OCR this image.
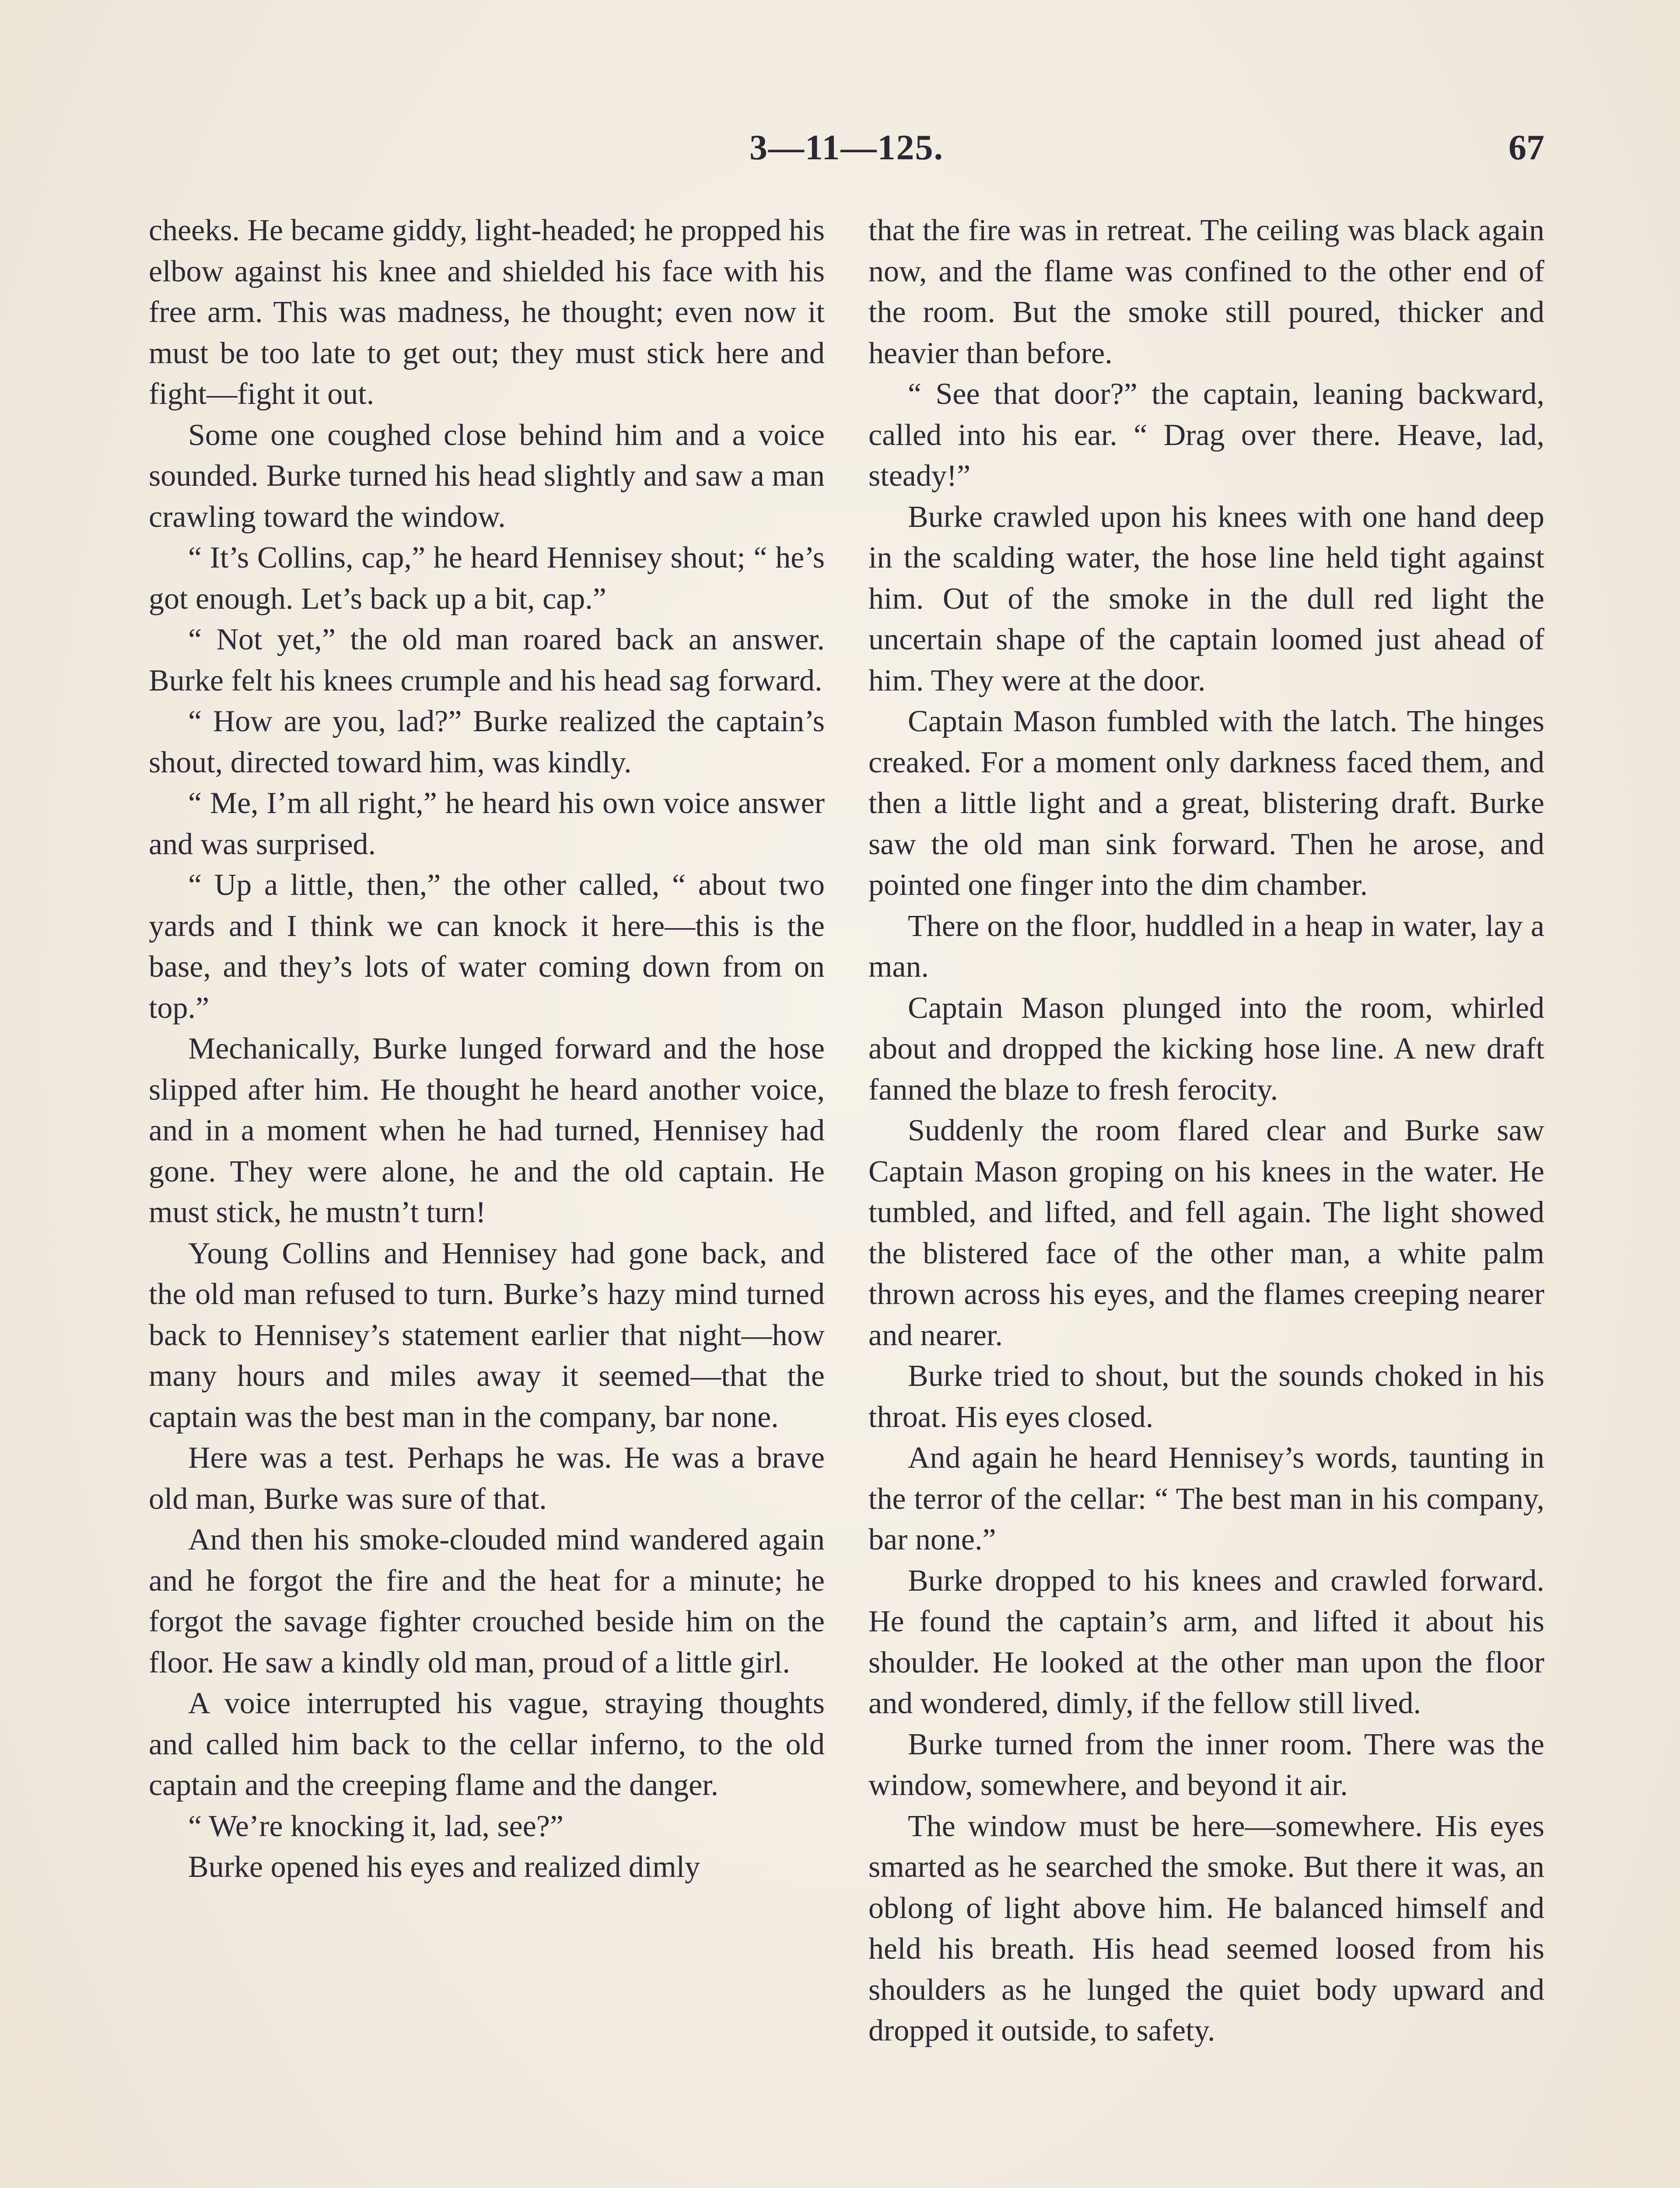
3—11—125.	67

cheeks. He became giddy, light-headed; he propped his elbow against his knee and shielded his face with his free arm. This was madness, he thought; even now it must be too late to get out; they must stick here and fight—fight it out.

Some one coughed close behind him and a voice sounded. Burke turned his head slightly and saw a man crawling toward the window.

“ It’s Collins, cap,” he heard Hennisey shout; “ he’s got enough. Let’s back up a bit, cap.”

“ Not yet,” the old man roared back an answer. Burke felt his knees crumple and his head sag forward.

“ How are you, lad?” Burke realized the captain’s shout, directed toward him, was kindly.

“ Me, I’m all right,” he heard his own voice answer and was surprised.

“ Up a little, then,” the other called, “ about two yards and I think we can knock it here—this is the base, and they’s lots of water coming down from on top.”

Mechanically, Burke lunged forward and the hose slipped after him. He thought he heard another voice, and in a moment when he had turned, Hennisey had gone. They were alone, he and the old captain. He must stick, he mustn’t turn!

Young Collins and Hennisey had gone back, and the old man refused to turn. Burke’s hazy mind turned back to Hennisey’s statement earlier that night—how many hours and miles away it seemed—that the captain was the best man in the company, bar none.

Here was a test. Perhaps he was. He was a brave old man, Burke was sure of that.

And then his smoke-clouded mind wandered again and he forgot the fire and the heat for a minute; he forgot the savage fighter crouched beside him on the floor. He saw a kindly old man, proud of a little girl.

A voice interrupted his vague, straying thoughts and called him back to the cellar inferno, to the old captain and the creeping flame and the danger.

“ We’re knocking it, lad, see?”

Burke opened his eyes and realized dimly

that the fire was in retreat. The ceiling was black again now, and the flame was confined to the other end of the room. But the smoke still poured, thicker and heavier than before.

“ See that door?” the captain, leaning backward, called into his ear. “ Drag over there. Heave, lad, steady!”

Burke crawled upon his knees with one hand deep in the scalding water, the hose line held tight against him. Out of the smoke in the dull red light the uncertain shape of the captain loomed just ahead of him. They were at the door.

Captain Mason fumbled with the latch. The hinges creaked. For a moment only darkness faced them, and then a little light and a great, blistering draft. Burke saw the old man sink forward. Then he arose, and pointed one finger into the dim chamber.

There on the floor, huddled in a heap in water, lay a man.

Captain Mason plunged into the room, whirled about and dropped the kicking hose line. A new draft fanned the blaze to fresh ferocity.

Suddenly the room flared clear and Burke saw Captain Mason groping on his knees in the water. He tumbled, and lifted, and fell again. The light showed the blistered face of the other man, a white palm thrown across his eyes, and the flames creeping nearer and nearer.

Burke tried to shout, but the sounds choked in his throat. His eyes closed.

And again he heard Hennisey’s words, taunting in the terror of the cellar: “ The best man in his company, bar none.”

Burke dropped to his knees and crawled forward. He found the captain’s arm, and lifted it about his shoulder. He looked at the other man upon the floor and wondered, dimly, if the fellow still lived.

Burke turned from the inner room. There was the window, somewhere, and beyond it air.

The window must be here—somewhere. His eyes smarted as he searched the smoke. But there it was, an oblong of light above him. He balanced himself and held his breath. His head seemed loosed from his shoulders as he lunged the quiet body upward and dropped it outside, to safety.
